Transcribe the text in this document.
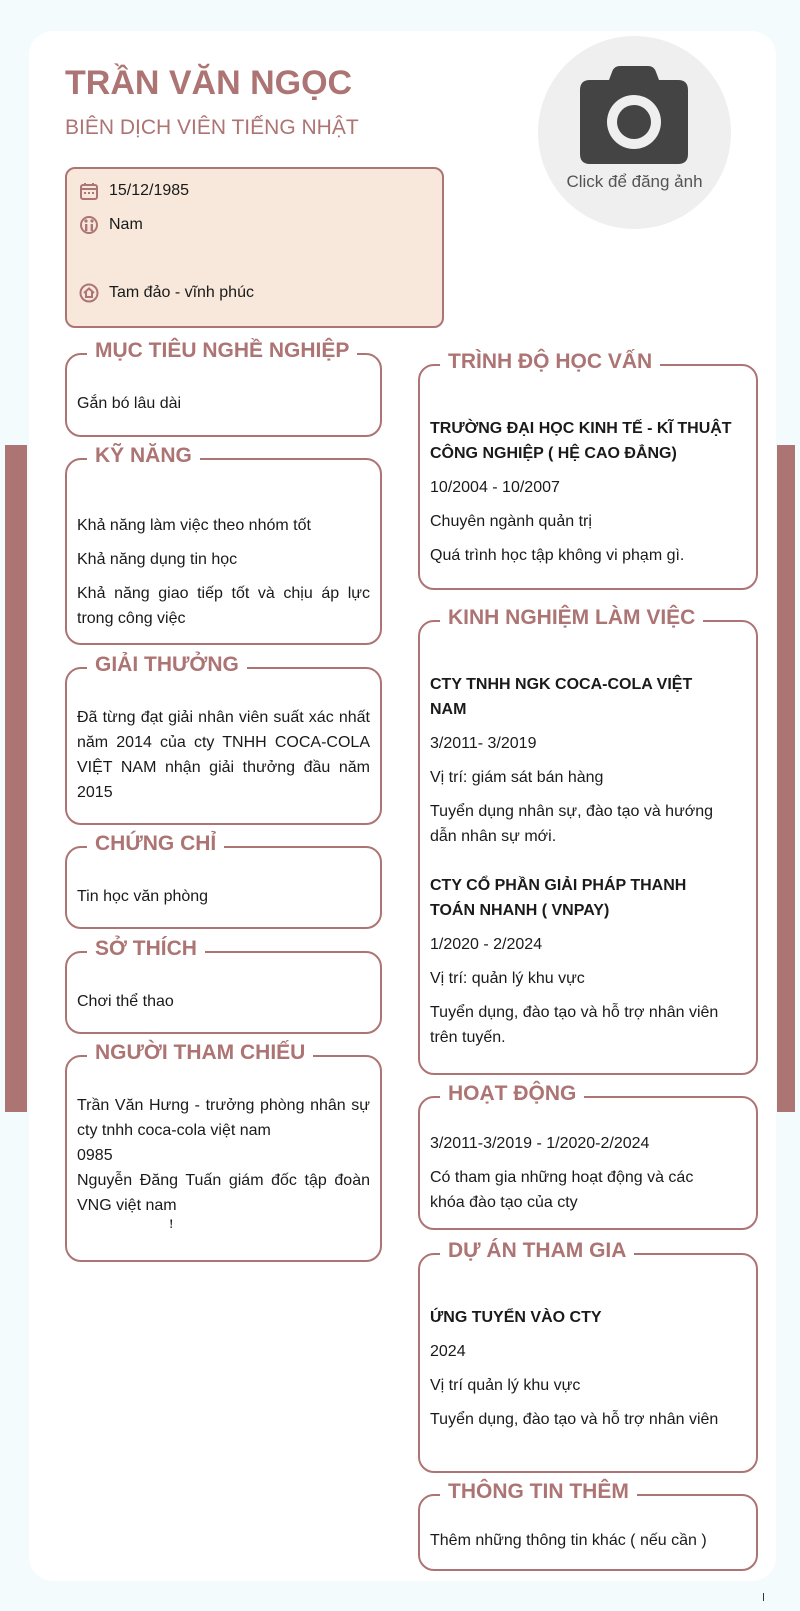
TRẦN VĂN NGỌC
BIÊN DỊCH VIÊN TIẾNG NHẬT
Click để đăng ảnh
15/12/1985
Nam
Tam đảo - vĩnh phúc
MỤC TIÊU NGHỀ NGHIỆP

Gắn bó lâu dài

KỸ NĂNG

Khả năng làm việc theo nhóm tốt

Khả năng dụng tin học

Khả năng giao tiếp tốt và chịu áp lực trong công việc

GIẢI THƯỞNG

Đã từng đạt giải nhân viên suất xác nhất năm 2014 của cty TNHH COCA-COLA VIỆT NAM nhận giải thưởng đầu năm 2015

CHỨNG CHỈ

Tin học văn phòng

SỞ THÍCH

Chơi thể thao

NGƯỜI THAM CHIẾU
Trần Văn Hưng - trưởng phòng nhân sự cty tnhh coca-cola việt nam
0985
Nguyễn Đăng Tuấn giám đốc tập đoàn VNG việt nam
ꜝ
TRÌNH ĐỘ HỌC VẤN

TRƯỜNG ĐẠI HỌC KINH TẾ - KĨ THUẬT CÔNG NGHIỆP ( HỆ CAO ĐẲNG)

10/2004 - 10/2007

Chuyên ngành quản trị

Quá trình học tập không vi phạm gì.

KINH NGHIỆM LÀM VIỆC

CTY TNHH NGK COCA-COLA VIỆT NAM

3/2011- 3/2019

Vị trí: giám sát bán hàng

Tuyển dụng nhân sự, đào tạo và hướng dẫn nhân sự mới.

CTY CỔ PHẦN GIẢI PHÁP THANH TOÁN NHANH ( VNPAY)

1/2020 - 2/2024

Vị trí: quản lý khu vực

Tuyển dụng, đào tạo và hỗ trợ nhân viên trên tuyến.

HOẠT ĐỘNG

3/2011-3/2019 - 1/2020-2/2024

Có tham gia những hoạt động và các khóa đào tạo của cty

DỰ ÁN THAM GIA

ỨNG TUYỂN VÀO CTY

2024

Vị trí quản lý khu vực

Tuyển dụng, đào tạo và hỗ trợ nhân viên

THÔNG TIN THÊM

Thêm những thông tin khác ( nếu cần )
